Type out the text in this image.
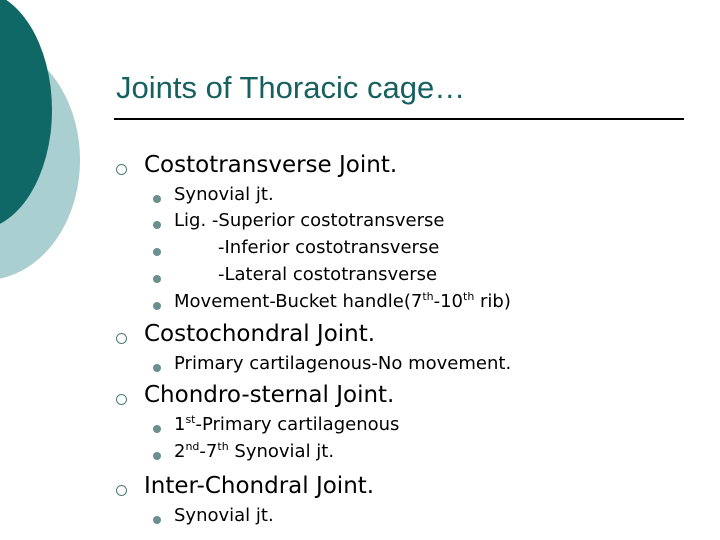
Joints of Thoracic cage…
Costotransverse Joint.
Synovial jt.
Lig. -Superior costotransverse
-Inferior costotransverse
-Lateral costotransverse
Movement-Bucket handle(7th-10th rib)
Costochondral Joint.
Primary cartilagenous-No movement.
Chondro-sternal Joint.
1st-Primary cartilagenous
2nd-7th Synovial jt.
Inter-Chondral Joint.
Synovial jt.
